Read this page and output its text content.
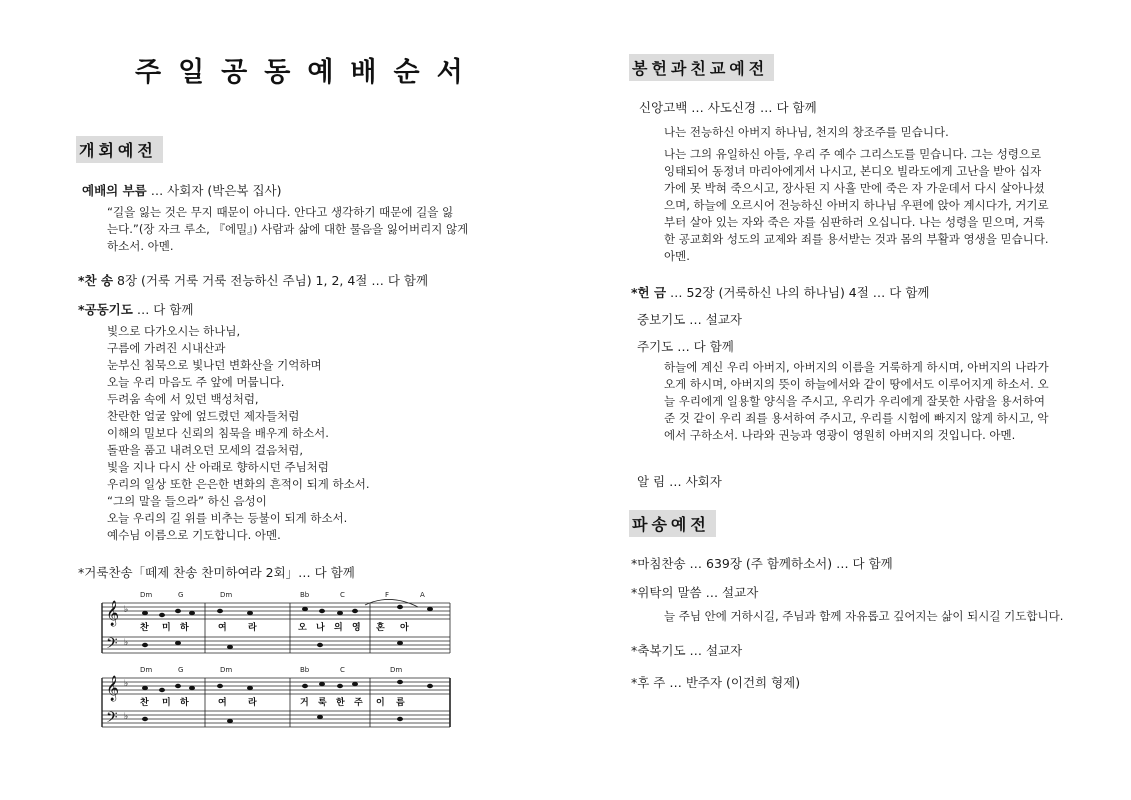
주일공동예배순서
개회예전
예배의 부름 … 사회자 (박은복 집사)
“길을 잃는 것은 무지 때문이 아니다. 안다고 생각하기 때문에 길을 잃
는다.”(장 자크 루소, 『에밀』) 사람과 삶에 대한 물음을 잃어버리지 않게
하소서. 아멘.
*찬 송 8장 (거룩 거룩 거룩 전능하신 주님) 1, 2, 4절 … 다 함께
*공동기도 … 다 함께
빛으로 다가오시는 하나님,
구름에 가려진 시내산과
눈부신 침묵으로 빛나던 변화산을 기억하며
오늘 우리 마음도 주 앞에 머뭅니다.
두려움 속에 서 있던 백성처럼,
찬란한 얼굴 앞에 엎드렸던 제자들처럼
이해의 밀보다 신뢰의 침묵을 배우게 하소서.
돌판을 품고 내려오던 모세의 걸음처럼,
빛을 지나 다시 산 아래로 향하시던 주님처럼
우리의 일상 또한 은은한 변화의 흔적이 되게 하소서.
“그의 말을 들으라” 하신 음성이
오늘 우리의 길 위를 비추는 등불이 되게 하소서.
예수님 이름으로 기도합니다. 아멘.
*거룩찬송「떼제 찬송 찬미하여라 2회」… 다 함께
𝄞
𝄢
𝄞
𝄢
♭
♭
♭
♭
Dm	G	Dm	Bb	C	F	A
Dm	G	Dm	Bb	C	Dm
찬 미 하	여 라	오 나 의 영 혼 아
찬 미 하	여 라	거 룩 한 주 이 름
봉헌과친교예전
신앙고백 … 사도신경 … 다 함께
나는 전능하신 아버지 하나님, 천지의 창조주를 믿습니다.
나는 그의 유일하신 아들, 우리 주 예수 그리스도를 믿습니다. 그는 성령으로 잉태되어 동정녀 마리아에게서 나시고, 본디오 빌라도에게 고난을 받아 십자가에 못 박혀 죽으시고, 장사된 지 사흘 만에 죽은 자 가운데서 다시 살아나셨으며, 하늘에 오르시어 전능하신 아버지 하나님 우편에 앉아 계시다가, 거기로부터 살아 있는 자와 죽은 자를 심판하러 오십니다. 나는 성령을 믿으며, 거룩한 공교회와 성도의 교제와 죄를 용서받는 것과 몸의 부활과 영생을 믿습니다. 아멘.
*헌 금 … 52장 (거룩하신 나의 하나님) 4절 … 다 함께
중보기도 … 설교자
주기도 … 다 함께
하늘에 계신 우리 아버지, 아버지의 이름을 거룩하게 하시며, 아버지의 나라가 오게 하시며, 아버지의 뜻이 하늘에서와 같이 땅에서도 이루어지게 하소서. 오늘 우리에게 일용할 양식을 주시고, 우리가 우리에게 잘못한 사람을 용서하여 준 것 같이 우리 죄를 용서하여 주시고, 우리를 시험에 빠지지 않게 하시고, 악에서 구하소서. 나라와 권능과 영광이 영원히 아버지의 것입니다. 아멘.
알 림 … 사회자
파송예전
*마침찬송 … 639장 (주 함께하소서) … 다 함께
*위탁의 말씀 … 설교자
늘 주님 안에 거하시길, 주님과 함께 자유롭고 깊어지는 삶이 되시길 기도합니다.
*축복기도 … 설교자
*후 주 … 반주자 (이건희 형제)
